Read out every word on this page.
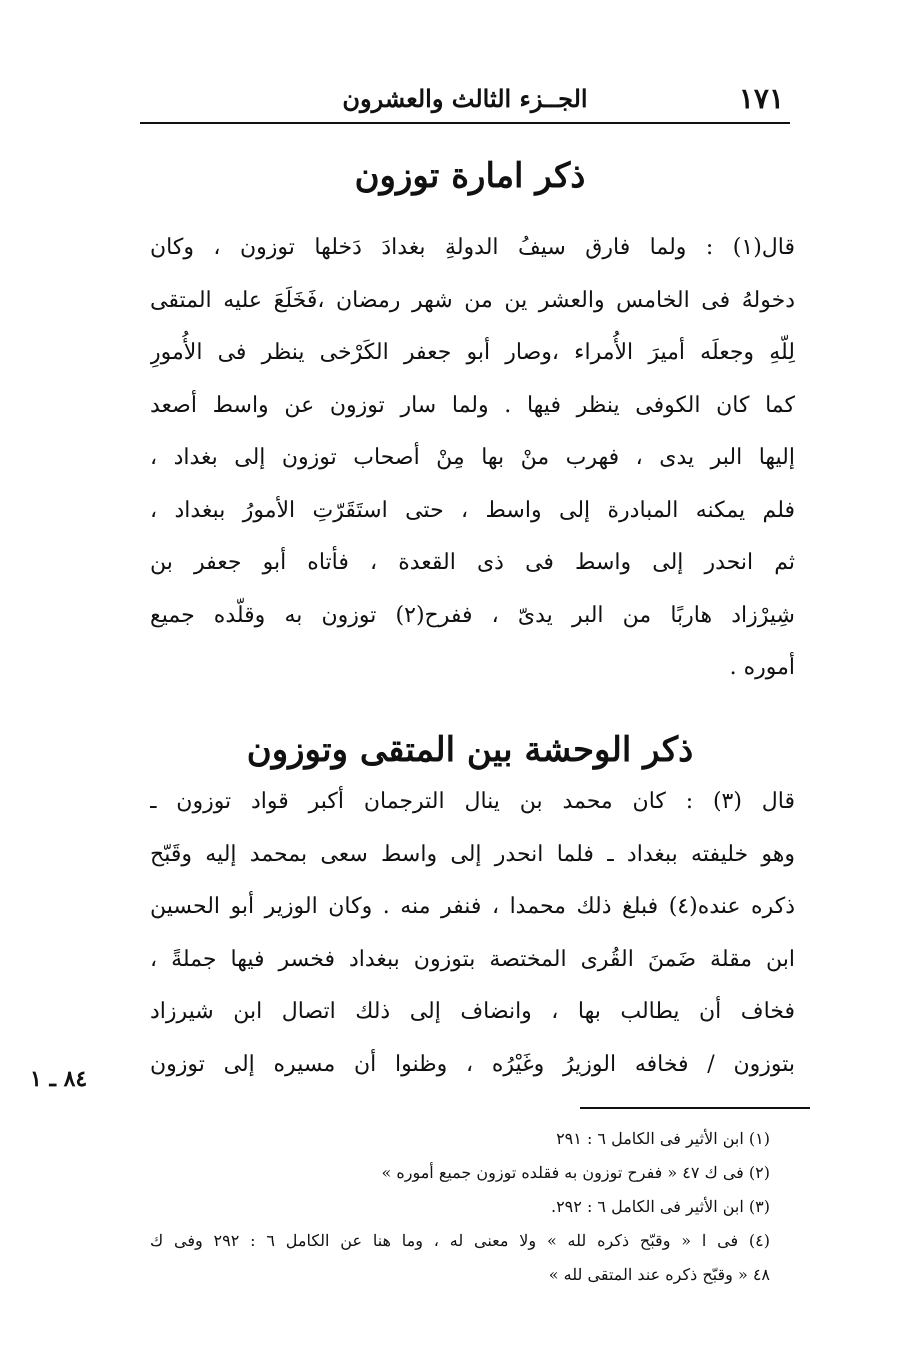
١٧١
الجــزء الثالث والعشرون
ذكر امارة توزون
قال(١) : ولما فارق سيفُ الدولةِ بغدادَ دَخلها توزون ، وكان
دخولهُ فى الخامس والعشر ين من شهر رمضان ،فَخَلَعَ عليه المتقى
لِلّهِ وجعلَه أميرَ الأُمراء ،وصار أبو جعفر الكَرْخى ينظر فى الأُمورِ
كما كان الكوفى ينظر فيها . ولما سار توزون عن واسط أصعد
إليها البر يدى ، فهرب منْ بها مِنْ أصحاب توزون إلى بغداد ،
فلم يمكنه المبادرة إلى واسط ، حتى استَقَرّتِ الأمورُ ببغداد ،
ثم انحدر إلى واسط فى ذى القعدة ، فأتاه أبو جعفر بن
شِيرْزاد هاربًا من البر يدىّ ، ففرح(٢) توزون به وقلّده جميع
أموره .
ذكر الوحشة بين المتقى وتوزون
قال (٣) : كان محمد بن ينال الترجمان أكبر قواد توزون ـ
وهو خليفته ببغداد ـ فلما انحدر إلى واسط سعى بمحمد إليه وقَبّح
ذكره عنده(٤) فبلغ ذلك محمدا ، فنفر منه . وكان الوزير أبو الحسين
ابن مقلة ضَمنَ القُرى المختصة بتوزون ببغداد فخسر فيها جملةً ،
فخاف أن يطالب بها ، وانضاف إلى ذلك اتصال ابن شيرزاد
بتوزون / فخافه الوزيرُ وغَيْرُه ، وظنوا أن مسيره إلى توزون
٨٤ ـ ١
(١) ابن الأثير فى الكامل ٦ : ٢٩١
(٢) فى ك ٤٧ « ففرح توزون به فقلده توزون جميع أموره »
(٣) ابن الأثير فى الكامل ٦ : ٢٩٢.
(٤) فى ا « وقبّح ذكره لله » ولا معنى له ، وما هنا عن الكامل ٦ : ٢٩٢ وفى ك
٤٨ « وقبّح ذكره عند المتقى لله »
